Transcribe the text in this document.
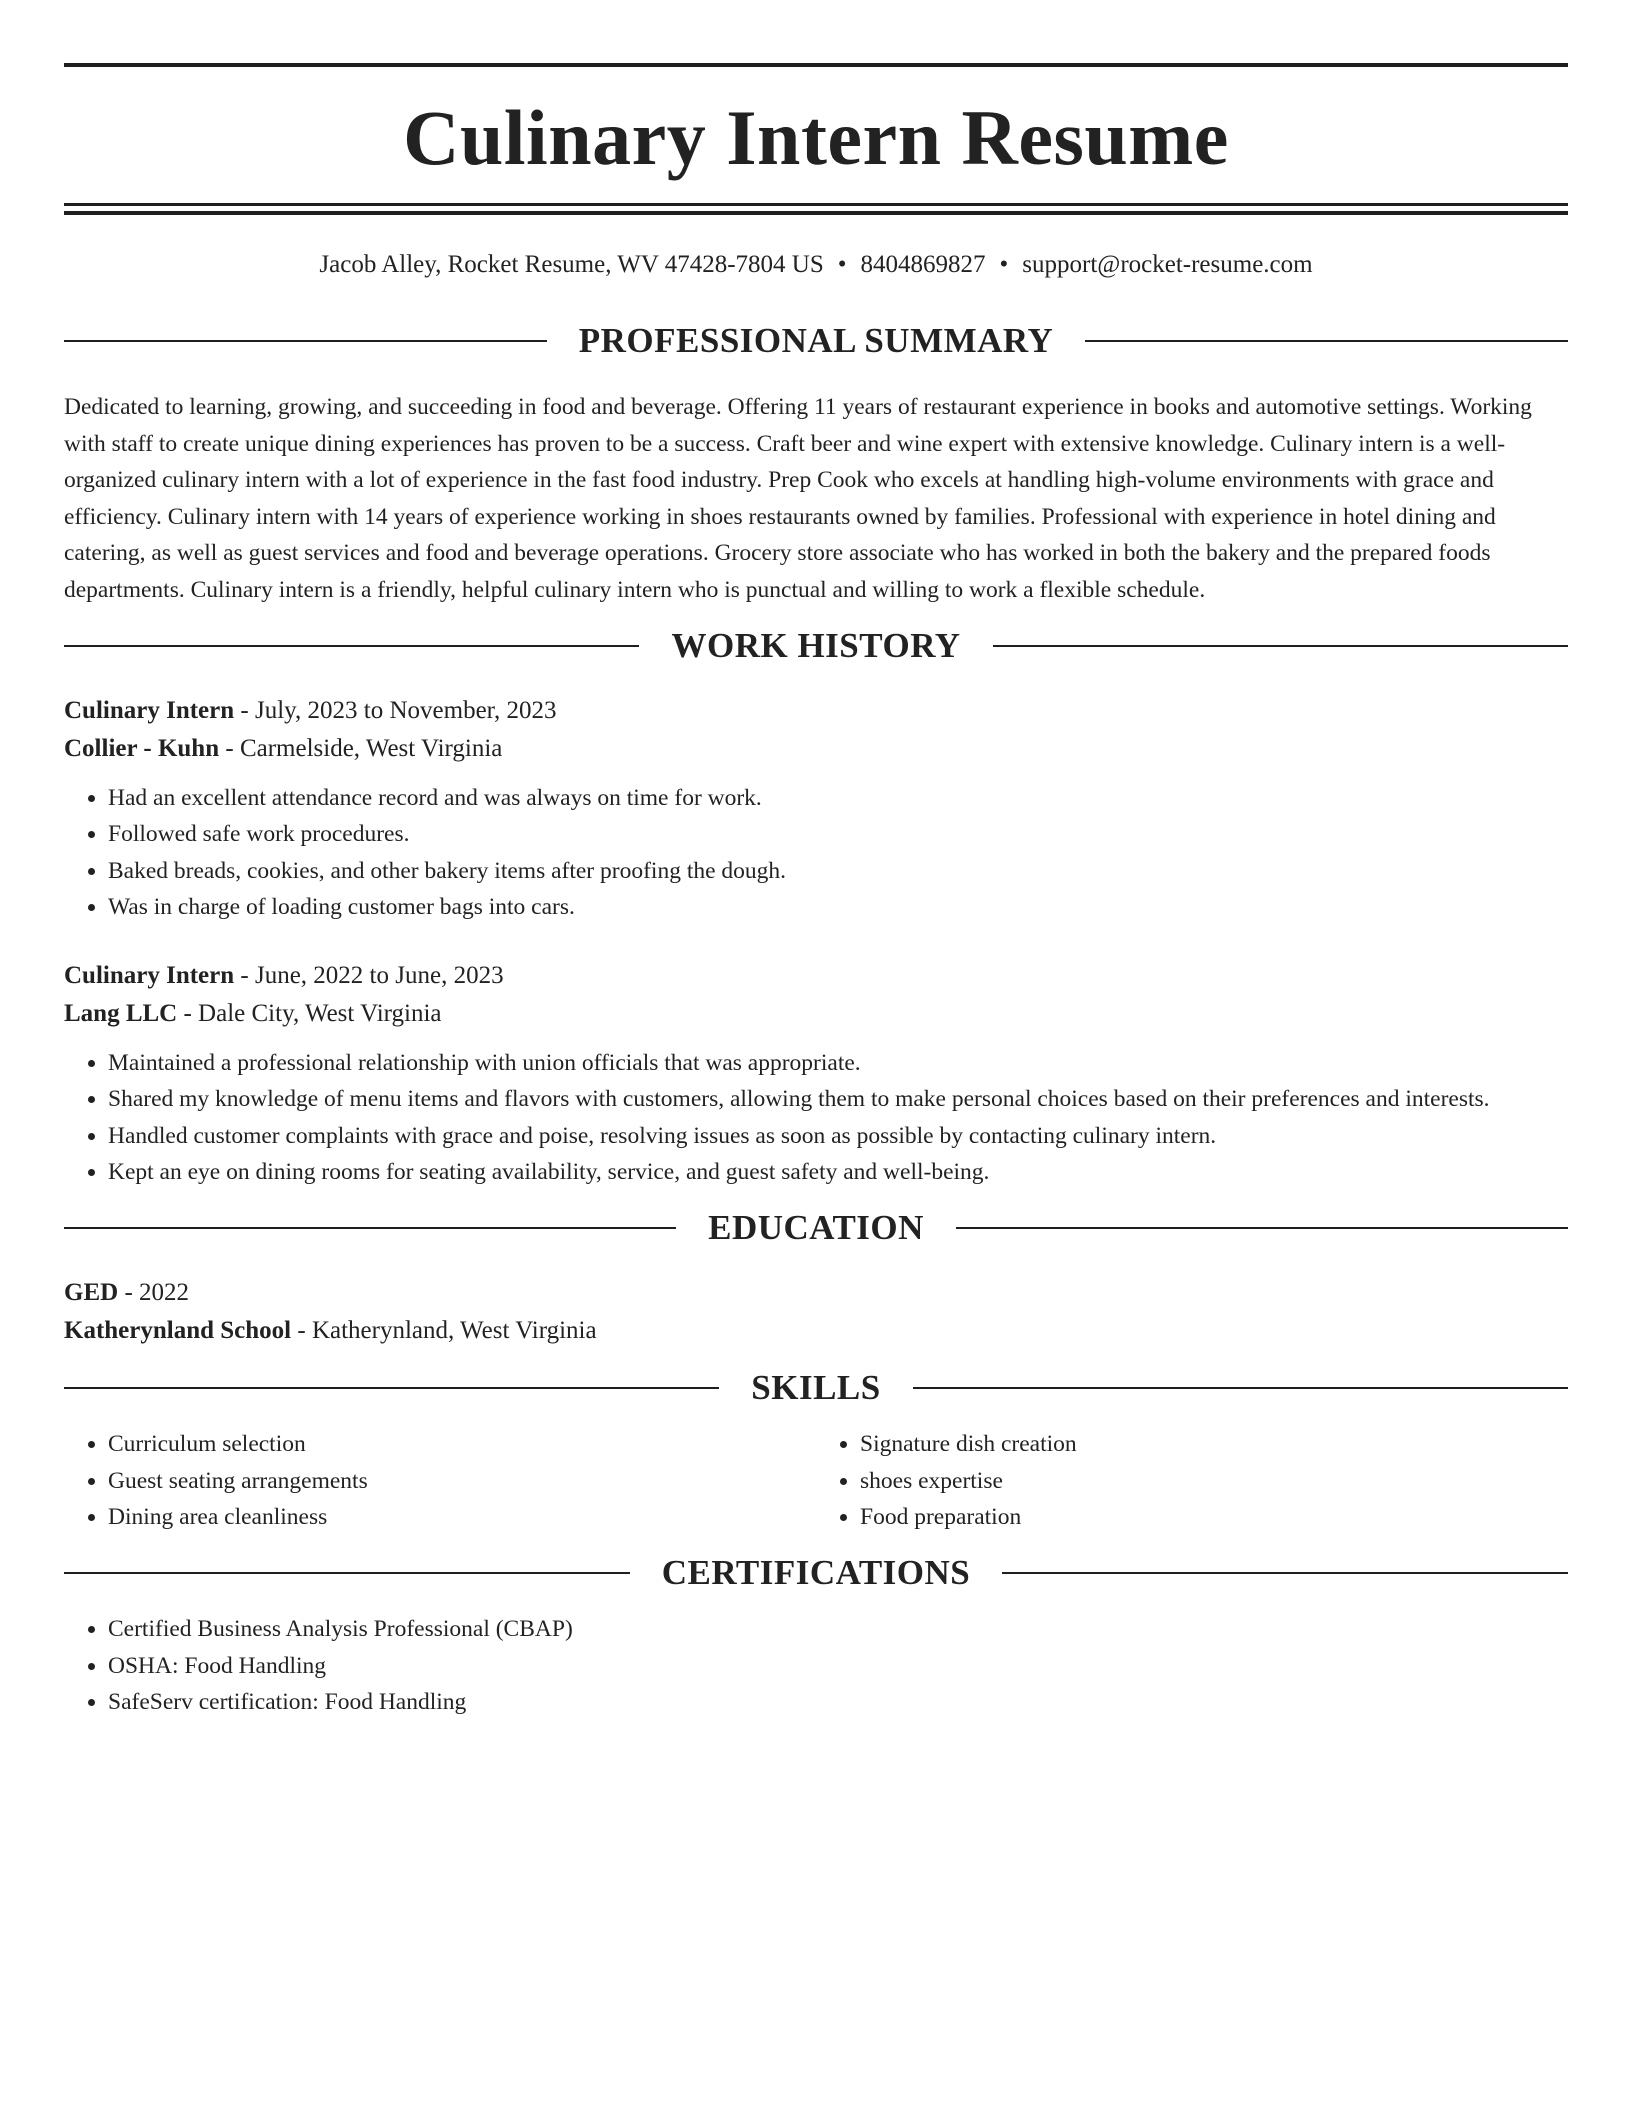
Culinary Intern Resume
Jacob Alley, Rocket Resume, WV 47428-7804 US • 8404869827 • support@rocket-resume.com
PROFESSIONAL SUMMARY

Dedicated to learning, growing, and succeeding in food and beverage. Offering 11 years of restaurant experience in books and automotive settings. Working with staff to create unique dining experiences has proven to be a success. Craft beer and wine expert with extensive knowledge. Culinary intern is a well-organized culinary intern with a lot of experience in the fast food industry. Prep Cook who excels at handling high-volume environments with grace and efficiency. Culinary intern with 14 years of experience working in shoes restaurants owned by families. Professional with experience in hotel dining and catering, as well as guest services and food and beverage operations. Grocery store associate who has worked in both the bakery and the prepared foods departments. Culinary intern is a friendly, helpful culinary intern who is punctual and willing to work a flexible schedule.

WORK HISTORY
Culinary Intern - July, 2023 to November, 2023
Collier - Kuhn - Carmelside, West Virginia
• Had an excellent attendance record and was always on time for work.
• Followed safe work procedures.
• Baked breads, cookies, and other bakery items after proofing the dough.
• Was in charge of loading customer bags into cars.
Culinary Intern - June, 2022 to June, 2023
Lang LLC - Dale City, West Virginia
• Maintained a professional relationship with union officials that was appropriate.
• Shared my knowledge of menu items and flavors with customers, allowing them to make personal choices based on their preferences and interests.
• Handled customer complaints with grace and poise, resolving issues as soon as possible by contacting culinary intern.
• Kept an eye on dining rooms for seating availability, service, and guest safety and well-being.
EDUCATION
GED - 2022
Katherynland School - Katherynland, West Virginia
SKILLS
• Curriculum selection
• Guest seating arrangements
• Dining area cleanliness
• Signature dish creation
• shoes expertise
• Food preparation
CERTIFICATIONS
• Certified Business Analysis Professional (CBAP)
• OSHA: Food Handling
• SafeServ certification: Food Handling
